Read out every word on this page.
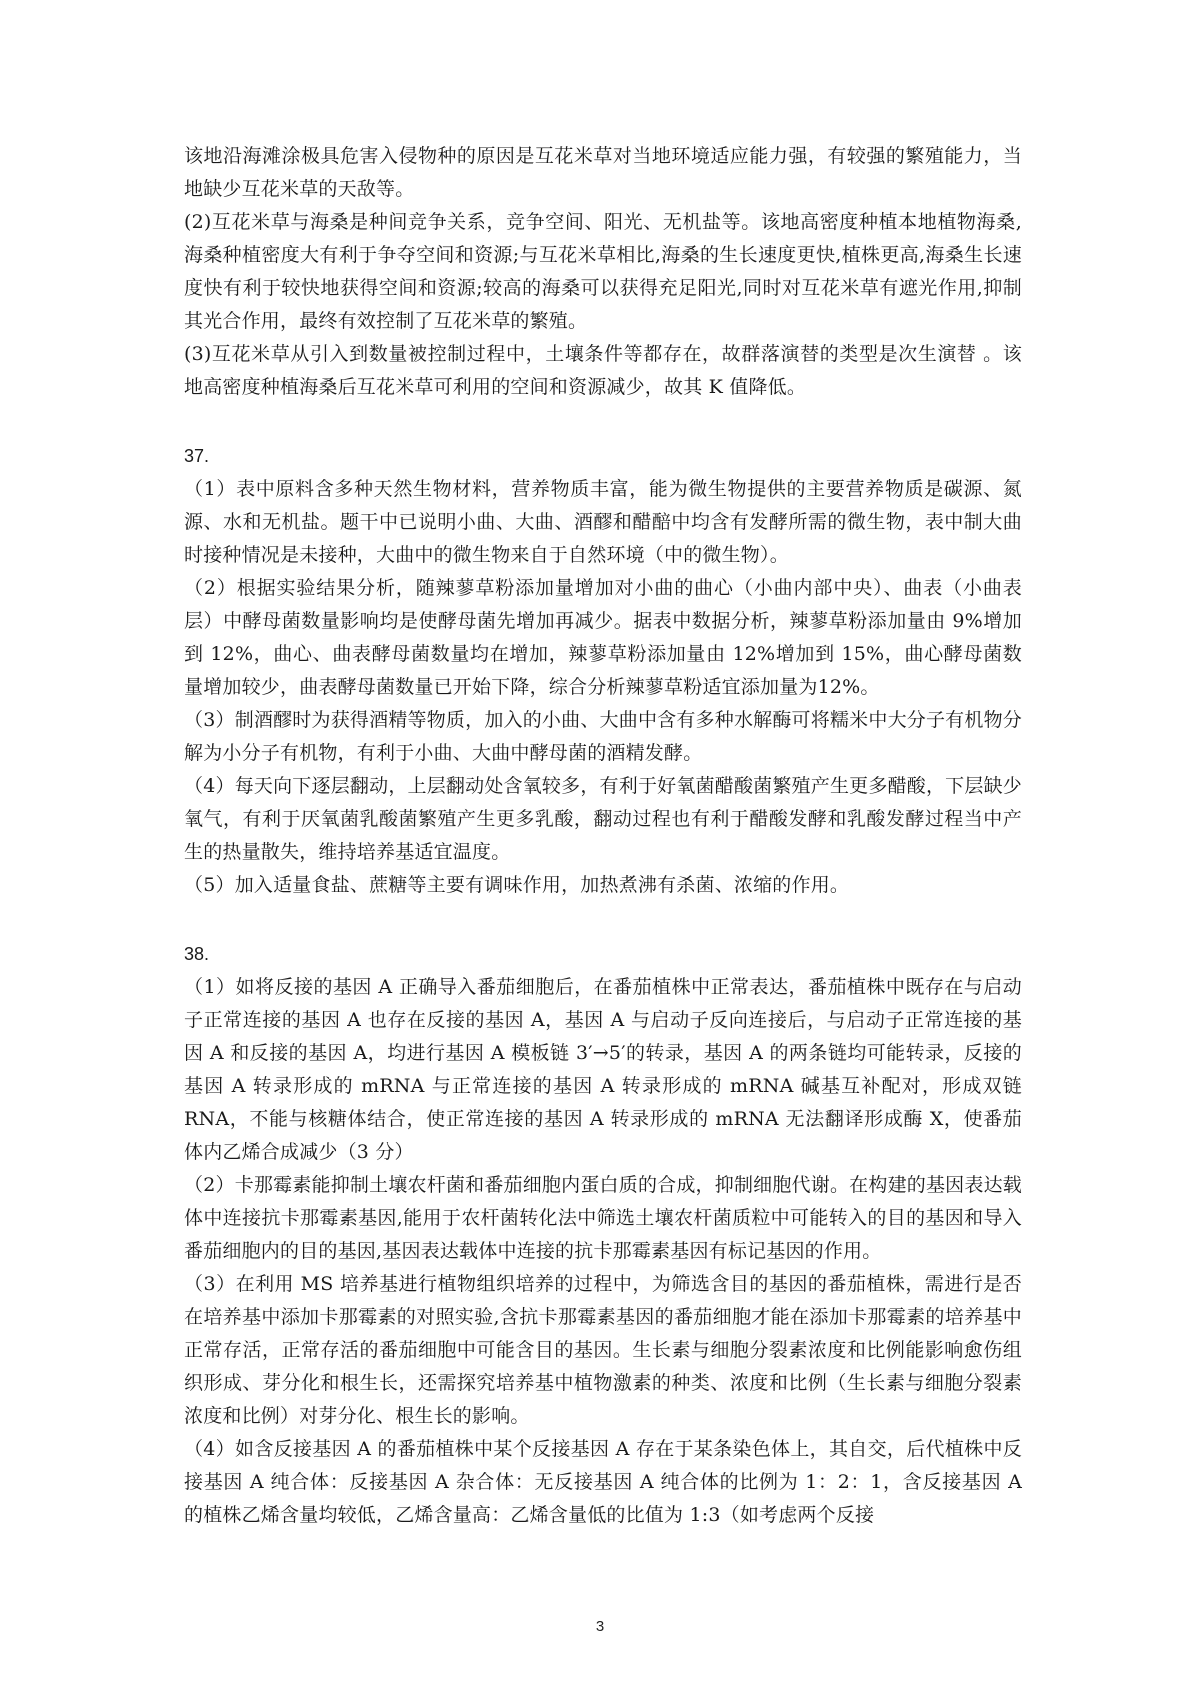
该地沿海滩涂极具危害入侵物种的原因是互花米草对当地环境适应能力强，有较强的繁殖能力，当地缺少互花米草的天敌等。

(2)互花米草与海桑是种间竞争关系，竞争空间、阳光、无机盐等。该地高密度种植本地植物海桑,海桑种植密度大有利于争夺空间和资源;与互花米草相比,海桑的生长速度更快,植株更高,海桑生长速度快有利于较快地获得空间和资源;较高的海桑可以获得充足阳光,同时对互花米草有遮光作用,抑制其光合作用，最终有效控制了互花米草的繁殖。

(3)互花米草从引入到数量被控制过程中，土壤条件等都存在，故群落演替的类型是次生演替 。该地高密度种植海桑后互花米草可利用的空间和资源减少，故其 K 值降低。

37.

（1）表中原料含多种天然生物材料，营养物质丰富，能为微生物提供的主要营养物质是碳源、氮源、水和无机盐。题干中已说明小曲、大曲、酒醪和醋醅中均含有发酵所需的微生物，表中制大曲时接种情况是未接种，大曲中的微生物来自于自然环境（中的微生物）。

（2）根据实验结果分析，随辣蓼草粉添加量增加对小曲的曲心（小曲内部中央）、曲表（小曲表层）中酵母菌数量影响均是使酵母菌先增加再减少。据表中数据分析，辣蓼草粉添加量由 9%增加到 12%，曲心、曲表酵母菌数量均在增加，辣蓼草粉添加量由 12%增加到 15%，曲心酵母菌数量增加较少，曲表酵母菌数量已开始下降，综合分析辣蓼草粉适宜添加量为12%。

（3）制酒醪时为获得酒精等物质，加入的小曲、大曲中含有多种水解酶可将糯米中大分子有机物分解为小分子有机物，有利于小曲、大曲中酵母菌的酒精发酵。

（4）每天向下逐层翻动，上层翻动处含氧较多，有利于好氧菌醋酸菌繁殖产生更多醋酸，下层缺少氧气，有利于厌氧菌乳酸菌繁殖产生更多乳酸，翻动过程也有利于醋酸发酵和乳酸发酵过程当中产生的热量散失，维持培养基适宜温度。

（5）加入适量食盐、蔗糖等主要有调味作用，加热煮沸有杀菌、浓缩的作用。

38.

（1）如将反接的基因 A 正确导入番茄细胞后，在番茄植株中正常表达，番茄植株中既存在与启动子正常连接的基因 A 也存在反接的基因 A，基因 A 与启动子反向连接后，与启动子正常连接的基因 A 和反接的基因 A，均进行基因 A 模板链 3′→5′的转录，基因 A 的两条链均可能转录，反接的基因 A 转录形成的 mRNA 与正常连接的基因 A 转录形成的 mRNA 碱基互补配对，形成双链 RNA，不能与核糖体结合，使正常连接的基因 A 转录形成的 mRNA 无法翻译形成酶 X，使番茄体内乙烯合成减少（3 分）

（2）卡那霉素能抑制土壤农杆菌和番茄细胞内蛋白质的合成，抑制细胞代谢。在构建的基因表达载体中连接抗卡那霉素基因,能用于农杆菌转化法中筛选土壤农杆菌质粒中可能转入的目的基因和导入番茄细胞内的目的基因,基因表达载体中连接的抗卡那霉素基因有标记基因的作用。

（3）在利用 MS 培养基进行植物组织培养的过程中，为筛选含目的基因的番茄植株，需进行是否在培养基中添加卡那霉素的对照实验,含抗卡那霉素基因的番茄细胞才能在添加卡那霉素的培养基中正常存活，正常存活的番茄细胞中可能含目的基因。生长素与细胞分裂素浓度和比例能影响愈伤组织形成、芽分化和根生长，还需探究培养基中植物激素的种类、浓度和比例（生长素与细胞分裂素浓度和比例）对芽分化、根生长的影响。

（4）如含反接基因 A 的番茄植株中某个反接基因 A 存在于某条染色体上，其自交，后代植株中反接基因 A 纯合体：反接基因 A 杂合体：无反接基因 A 纯合体的比例为 1：2：1，含反接基因 A 的植株乙烯含量均较低，乙烯含量高：乙烯含量低的比值为 1:3（如考虑两个反接

3
